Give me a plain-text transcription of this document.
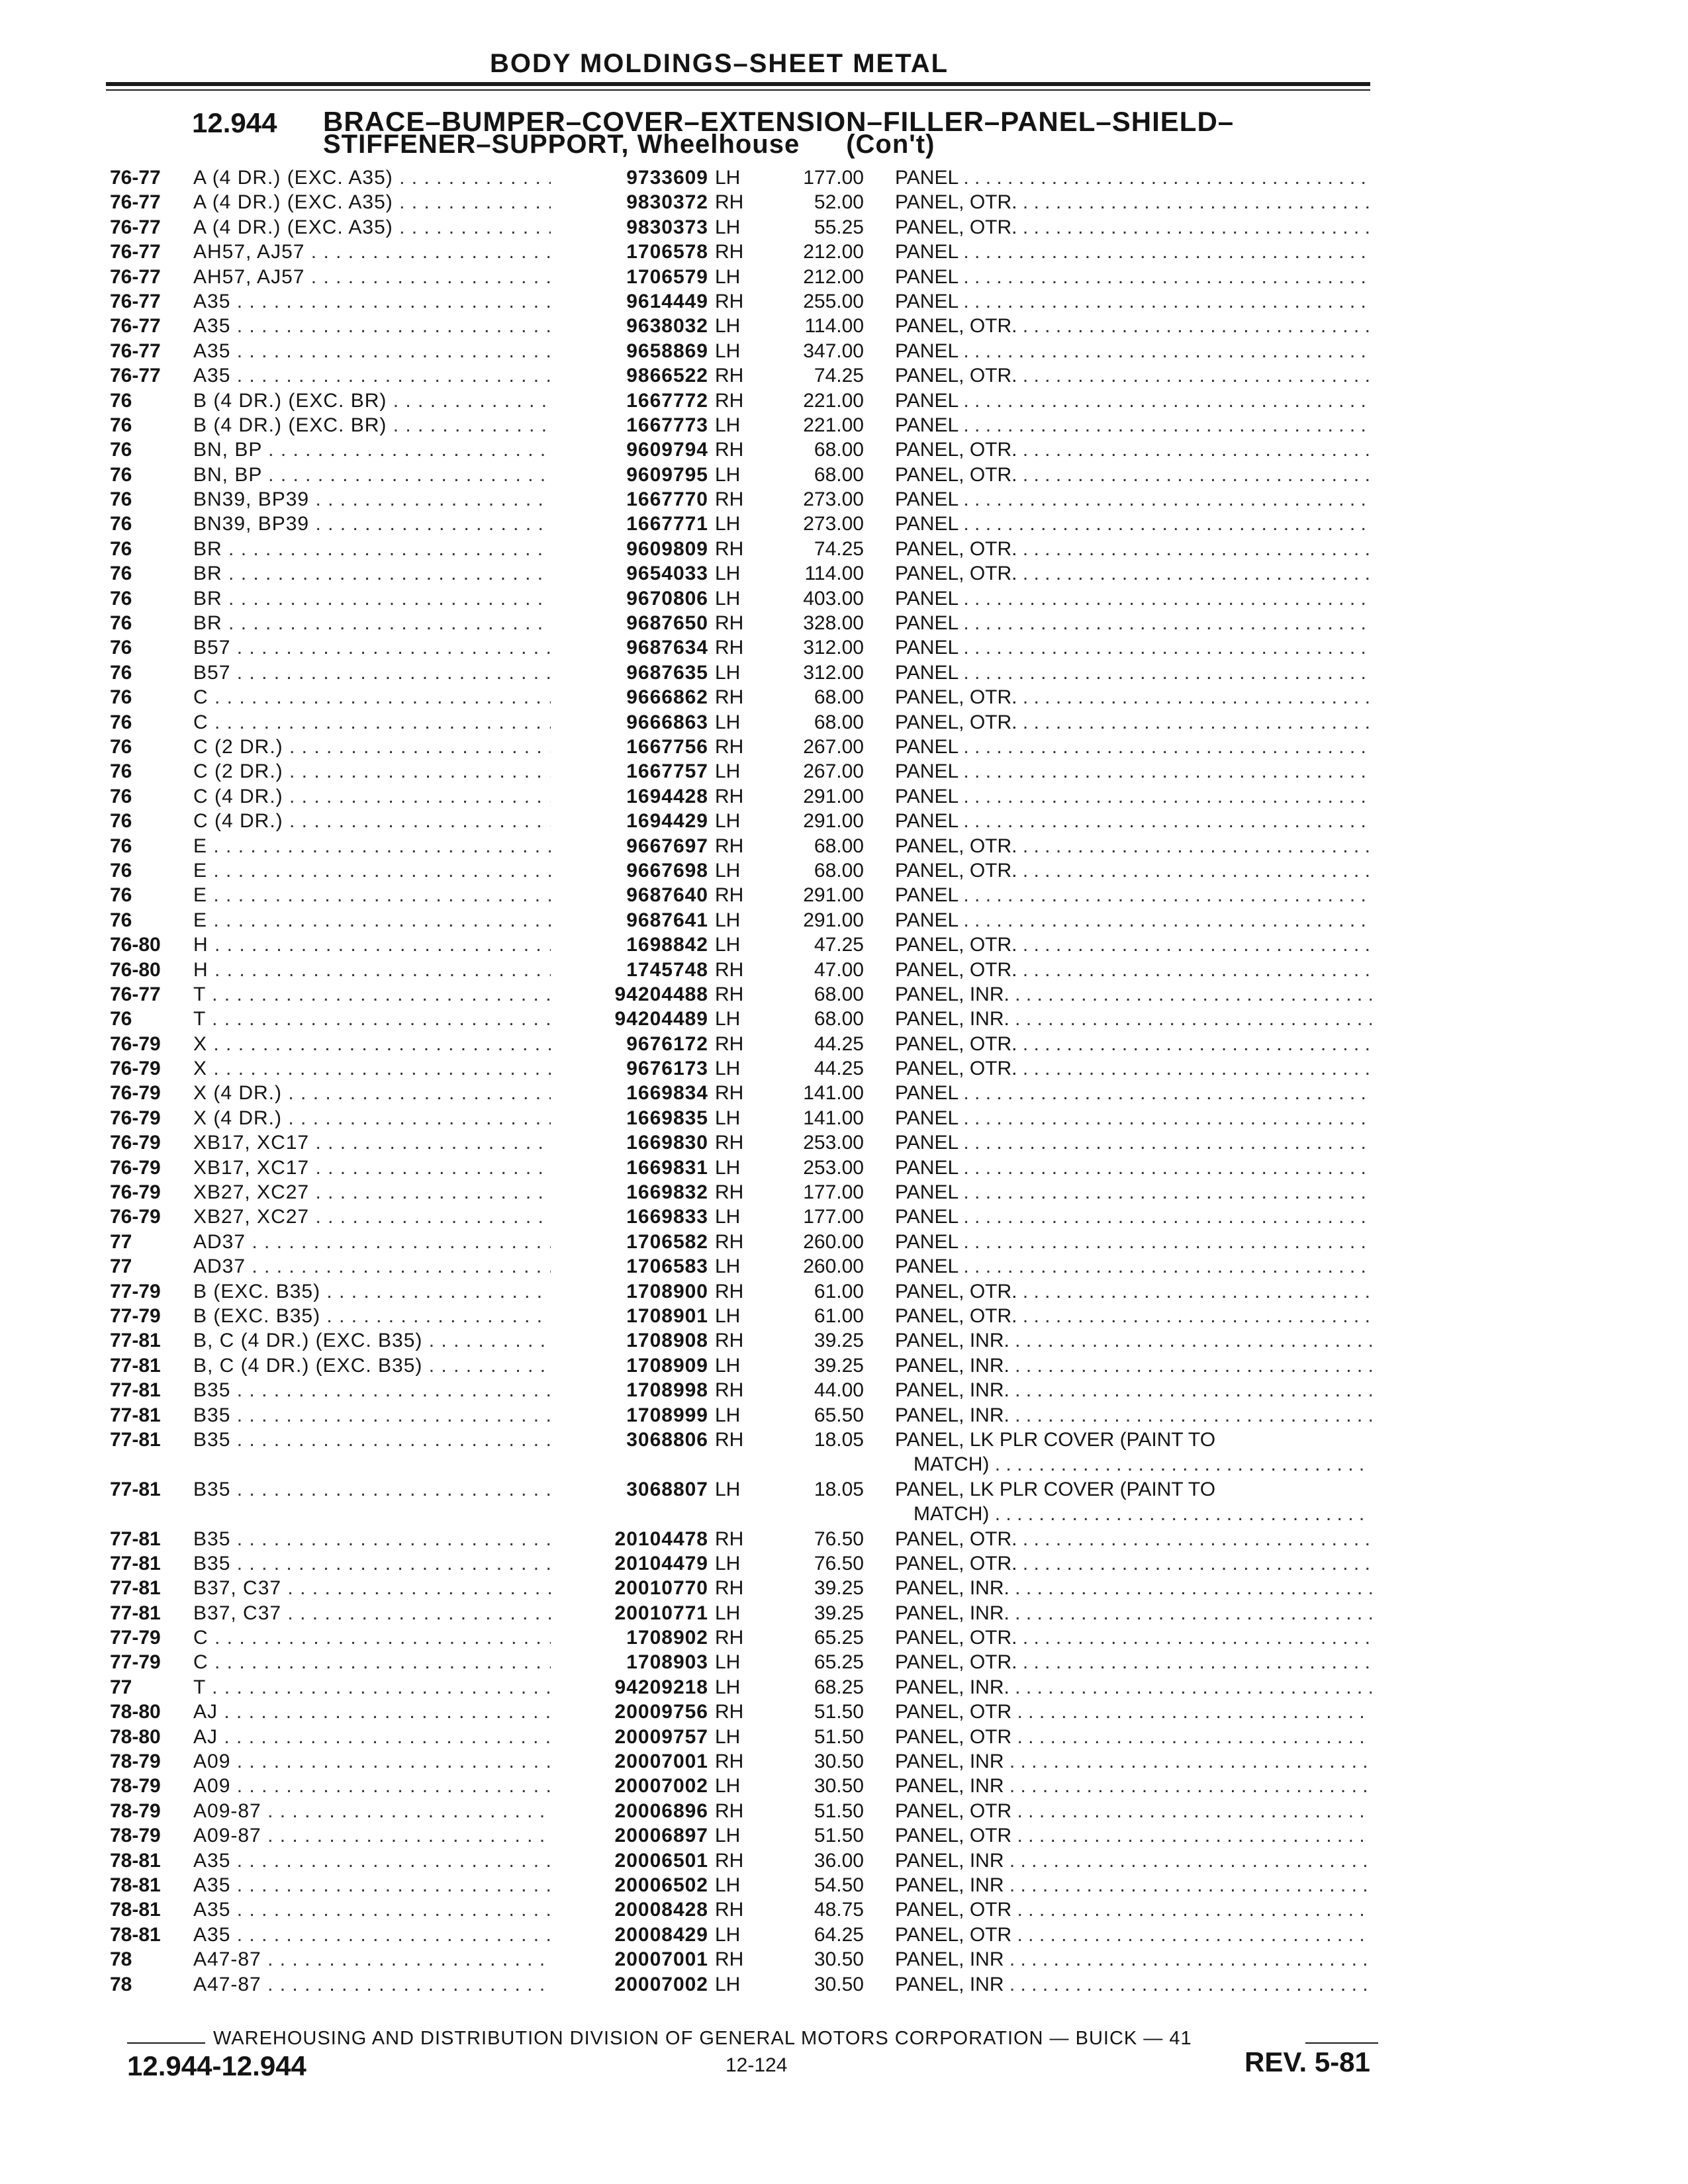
BODY MOLDINGS–SHEET METAL
12.944 BRACE–BUMPER–COVER–EXTENSION–FILLER–PANEL–SHIELD–
STIFFENER–SUPPORT, Wheelhouse (Con't)
76-77 A (4 DR.) (EXC. A35) . . .	9733609 LH	177.00 PANEL . . .
76-77 A (4 DR.) (EXC. A35) . . .	9830372 RH	52.00 PANEL, OTR. . . .
76-77 A (4 DR.) (EXC. A35) . . .	9830373 LH	55.25 PANEL, OTR. . . .
76-77 AH57, AJ57 . . .	1706578 RH	212.00 PANEL . . .
76-77 AH57, AJ57 . . .	1706579 LH	212.00 PANEL . . .
76-77 A35 . . .	9614449 RH	255.00 PANEL . . .
76-77 A35 . . .	9638032 LH	114.00 PANEL, OTR. . . .
76-77 A35 . . .	9658869 LH	347.00 PANEL . . .
76-77 A35 . . .	9866522 RH	74.25 PANEL, OTR. . . .
76	B (4 DR.) (EXC. BR) . . .	1667772 RH	221.00 PANEL . . .
76	B (4 DR.) (EXC. BR) . . .	1667773 LH	221.00 PANEL . . .
76	BN, BP . . .	9609794 RH	68.00 PANEL, OTR. . . .
76	BN, BP . . .	9609795 LH	68.00 PANEL, OTR. . . .
76	BN39, BP39 . . .	1667770 RH	273.00 PANEL . . .
76	BN39, BP39 . . .	1667771 LH	273.00 PANEL . . .
76	BR . . .	9609809 RH	74.25 PANEL, OTR. . . .
76	BR . . .	9654033 LH	114.00 PANEL, OTR. . . .
76	BR . . .	9670806 LH	403.00 PANEL . . .
76	BR . . .	9687650 RH	328.00 PANEL . . .
76	B57 . . .	9687634 RH	312.00 PANEL . . .
76	B57 . . .	9687635 LH	312.00 PANEL . . .
76	C . . .	9666862 RH	68.00 PANEL, OTR. . . .
76	C . . .	9666863 LH	68.00 PANEL, OTR. . . .
76	C (2 DR.) . . .	1667756 RH	267.00 PANEL . . .
76	C (2 DR.) . . .	1667757 LH	267.00 PANEL . . .
76	C (4 DR.) . . .	1694428 RH	291.00 PANEL . . .
76	C (4 DR.) . . .	1694429 LH	291.00 PANEL . . .
76	E . . .	9667697 RH	68.00 PANEL, OTR. . . .
76	E . . .	9667698 LH	68.00 PANEL, OTR. . . .
76	E . . .	9687640 RH	291.00 PANEL . . .
76	E . . .	9687641 LH	291.00 PANEL . . .
76-80 H . . .	1698842 LH	47.25 PANEL, OTR. . . .
76-80 H . . .	1745748 RH	47.00 PANEL, OTR. . . .
76-77 T . . .	94204488 RH	68.00 PANEL, INR. . . .
76	T . . .	94204489 LH	68.00 PANEL, INR. . . .
76-79 X . . .	9676172 RH	44.25 PANEL, OTR. . . .
76-79 X . . .	9676173 LH	44.25 PANEL, OTR. . . .
76-79 X (4 DR.) . . .	1669834 RH	141.00 PANEL . . .
76-79 X (4 DR.) . . .	1669835 LH	141.00 PANEL . . .
76-79 XB17, XC17 . . .	1669830 RH	253.00 PANEL . . .
76-79 XB17, XC17 . . .	1669831 LH	253.00 PANEL . . .
76-79 XB27, XC27 . . .	1669832 RH	177.00 PANEL . . .
76-79 XB27, XC27 . . .	1669833 LH	177.00 PANEL . . .
77	AD37 . . .	1706582 RH	260.00 PANEL . . .
77	AD37 . . .	1706583 LH	260.00 PANEL . . .
77-79 B (EXC. B35) . . .	1708900 RH	61.00 PANEL, OTR. . . .
77-79 B (EXC. B35) . . .	1708901 LH	61.00 PANEL, OTR. . . .
77-81 B, C (4 DR.) (EXC. B35) . . .	1708908 RH	39.25 PANEL, INR. . . .
77-81 B, C (4 DR.) (EXC. B35) . . .	1708909 LH	39.25 PANEL, INR. . . .
77-81 B35 . . .	1708998 RH	44.00 PANEL, INR. . . .
77-81 B35 . . .	1708999 LH	65.50 PANEL, INR. . . .
77-81 B35 . . .	3068806 RH	18.05 PANEL, LK PLR COVER (PAINT TO
MATCH) . . .
77-81 B35 . . .	3068807 LH	18.05 PANEL, LK PLR COVER (PAINT TO
MATCH) . . .
77-81 B35 . . .	20104478 RH	76.50 PANEL, OTR. . . .
77-81 B35 . . .	20104479 LH	76.50 PANEL, OTR. . . .
77-81 B37, C37 . . .	20010770 RH	39.25 PANEL, INR. . . .
77-81 B37, C37 . . .	20010771 LH	39.25 PANEL, INR. . . .
77-79 C . . .	1708902 RH	65.25 PANEL, OTR. . . .
77-79 C . . .	1708903 LH	65.25 PANEL, OTR. . . .
77	T . . .	94209218 LH	68.25 PANEL, INR. . . .
78-80 AJ . . .	20009756 RH	51.50 PANEL, OTR . . .
78-80 AJ . . .	20009757 LH	51.50 PANEL, OTR . . .
78-79 A09 . . .	20007001 RH	30.50 PANEL, INR . . .
78-79 A09 . . .	20007002 LH	30.50 PANEL, INR . . .
78-79 A09-87 . . .	20006896 RH	51.50 PANEL, OTR . . .
78-79 A09-87 . . .	20006897 LH	51.50 PANEL, OTR . . .
78-81 A35 . . .	20006501 RH	36.00 PANEL, INR . . .
78-81 A35 . . .	20006502 LH	54.50 PANEL, INR . . .
78-81 A35 . . .	20008428 RH	48.75 PANEL, OTR . . .
78-81 A35 . . .	20008429 LH	64.25 PANEL, OTR . . .
78	A47-87 . . .	20007001 RH	30.50 PANEL, INR . . .
78	A47-87 . . .	20007002 LH	30.50 PANEL, INR . . .
WAREHOUSING AND DISTRIBUTION DIVISION OF GENERAL MOTORS CORPORATION — BUICK — 41
12.944-12.944	12-124	REV. 5-81
